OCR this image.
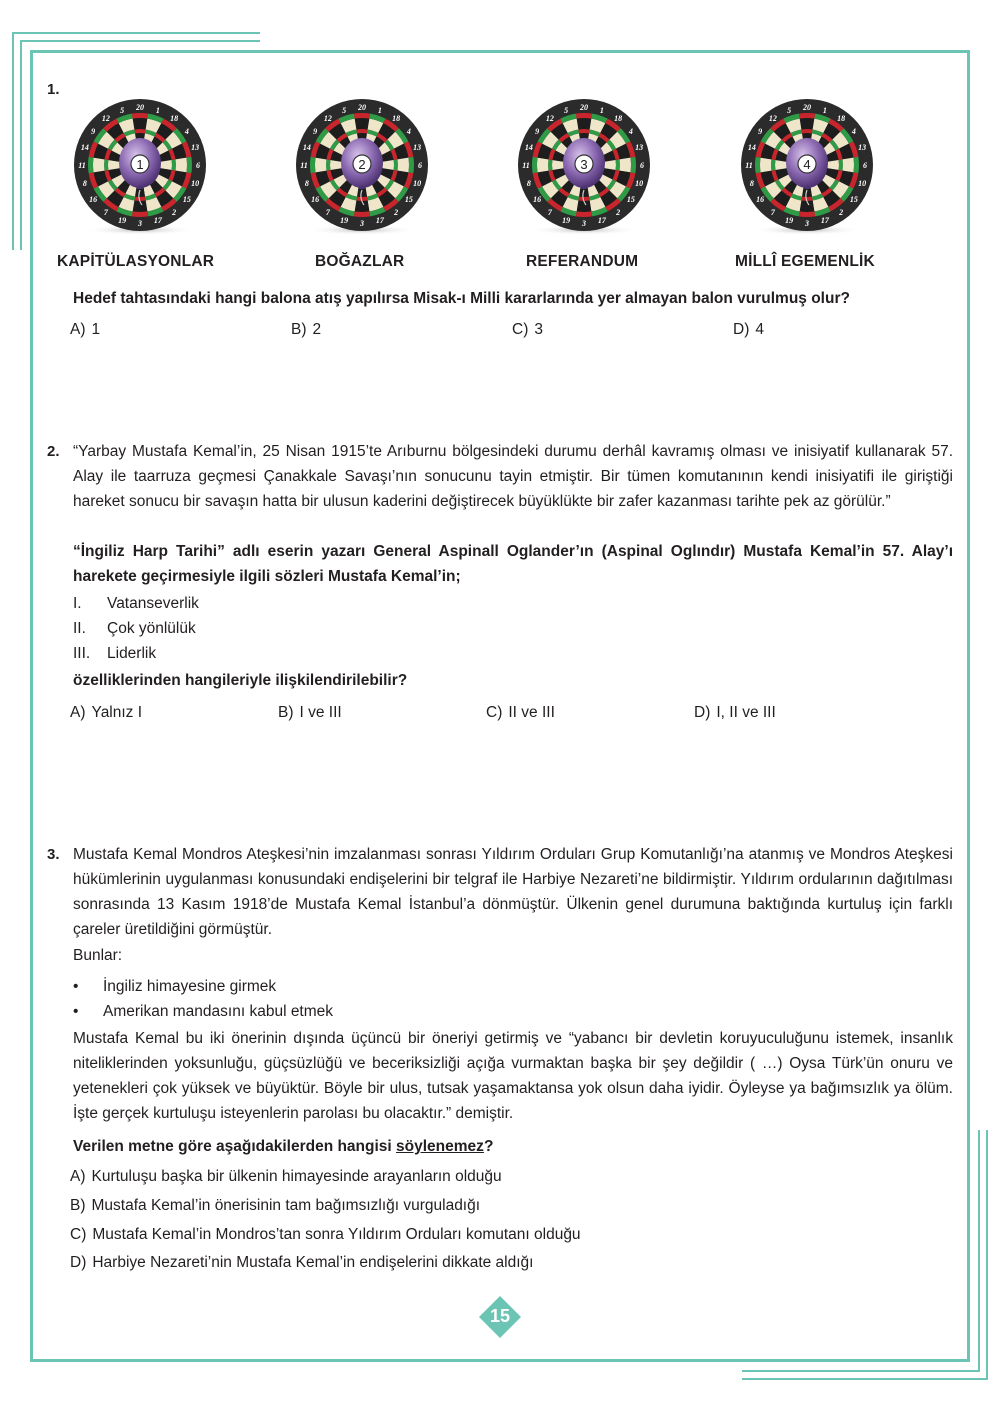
1.
20 1
18
4
13
6
10
15
2
17
3
19
7
16
8
11
14
9
12
5
1
20 1
18
4
13
6
10
15
2
17
3
19
7
16
8
11
14
9
12
5
2
20 1
18
4
13
6
10
15
2
17
3
19
7
16
8
11
14
9
12
5
3
20 1
18
4
13
6
10
15
2
17
3
19
7
16
8
11
14
9
12
5
4
KAPİTÜLASYONLAR	BOĞAZLAR	REFERANDUM	MİLLÎ EGEMENLİK
Hedef tahtasındaki hangi balona atış yapılırsa Misak-ı Milli kararlarında yer almayan balon vurulmuş olur?
A) 1	B) 2	C) 3	D) 4
2. “Yarbay Mustafa Kemal’in, 25 Nisan 1915’te Arıburnu bölgesindeki durumu derhâl kavramış olması ve inisiyatif kullanarak 57. Alay ile taarruza geçmesi Çanakkale Savaşı’nın sonucunu tayin etmiştir. Bir tümen komutanının kendi inisiyatifi ile giriştiği hareket sonucu bir savaşın hatta bir ulusun kaderini değiştirecek büyüklükte bir zafer kazanması tarihte pek az görülür.”
“İngiliz Harp Tarihi” adlı eserin yazarı General Aspinall Oglander’ın (Aspinal Oglındır) Mustafa Kemal’in 57. Alay’ı harekete geçirmesiyle ilgili sözleri Mustafa Kemal’in;
I. Vatanseverlik
II. Çok yönlülük
III. Liderlik
özelliklerinden hangileriyle ilişkilendirilebilir?
A) Yalnız I	B) I ve III	C) II ve III	D) I, II ve III
3. Mustafa Kemal Mondros Ateşkesi’nin imzalanması sonrası Yıldırım Orduları Grup Komutanlığı’na atanmış ve Mondros Ateşkesi hükümlerinin uygulanması konusundaki endişelerini bir telgraf ile Harbiye Nezareti’ne bildirmiştir. Yıldırım ordularının dağıtılması sonrasında 13 Kasım 1918’de Mustafa Kemal İstanbul’a dönmüştür. Ülkenin genel durumuna baktığında kurtuluş için farklı çareler üretildiğini görmüştür.
Bunlar:
• İngiliz himayesine girmek
• Amerikan mandasını kabul etmek
Mustafa Kemal bu iki önerinin dışında üçüncü bir öneriyi getirmiş ve “yabancı bir devletin koruyuculuğunu istemek, insanlık niteliklerinden yoksunluğu, güçsüzlüğü ve beceriksizliği açığa vurmaktan başka bir şey değildir ( …) Oysa Türk’ün onuru ve yetenekleri çok yüksek ve büyüktür. Böyle bir ulus, tutsak yaşamaktansa yok olsun daha iyidir. Öyleyse ya bağımsızlık ya ölüm. İşte gerçek kurtuluşu isteyenlerin parolası bu olacaktır.” demiştir.
Verilen metne göre aşağıdakilerden hangisi söylenemez?
A) Kurtuluşu başka bir ülkenin himayesinde arayanların olduğu
B) Mustafa Kemal’in önerisinin tam bağımsızlığı vurguladığı
C) Mustafa Kemal’in Mondros’tan sonra Yıldırım Orduları komutanı olduğu
D) Harbiye Nezareti’nin Mustafa Kemal’in endişelerini dikkate aldığı
15
